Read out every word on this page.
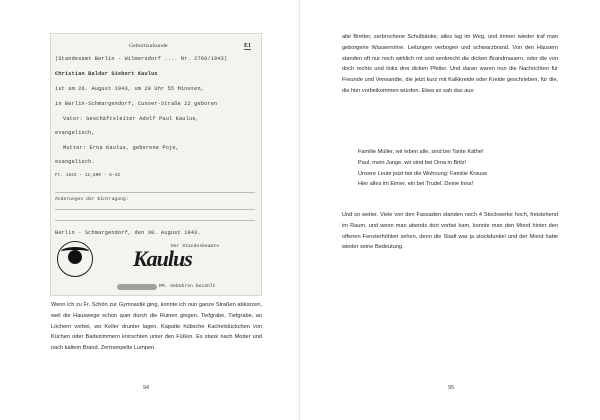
Geburtsurkunde	E1
(Standesamt Berlin - Wilmersdorf .... Nr. 2760/1943)
Christian Baldur Siebert Kaulus
ist am 26. August 1943, um 20 Uhr 55 Minuten,
in Berlin-Schmargendorf, Cunoer-Straße 22 geboren
Vater: Geschäftsleiter Adolf Paul Kaulus,
evangelisch,
Mutter: Erna Kaulus, geborene Poje,
evangelisch.
Ft. 1943 - 12,500 - 6-43
Änderungen der Eintragung:
Berlin - Schmargendorf, den 30. August 1943.
Der Standesbeamte
Kaulus
RM. Gebühren bezahlt
Wenn ich zu Fr. Schön zur Gymnastik ging, konnte ich nun ganze Straßen abkürzen, weil die Hauswege schon quer durch die Ruinen gingen. Tiefgrabe, Tiefgrabe, an Löchern vorbei, wo Keller drunter lagen. Kaputte hübsche Kachelstückchen von Küchen oder Badezimmern knirschten unter den Füßen. Es stank nach Moder und nach kaltem Brand. Zertrampelte Lumpen.
94
alte Bretter, zerbrochene Schulbänke, alles lag im Weg, und immer wieder traf man geborgene Wasserrohre. Leitungen verbogen und schwarzbrand. Von den Häusern standen oft nur noch wirklich rot und senkrecht die dicken Brandmauern, oder die von doch rechts und links drei dicken Pfeiler. Und daran waren nun die Nachrichten für Freunde und Verwandte, die jetzt kurz mit Kalkkreide oder Kreide geschrieben, für die, die hier vorbeikommen würden. Etwa so sah das aus:
Familie Müller, wir leben alle, sind bei Tante Käthe!
Paul, mein Junge, wir sind bei Oma in Britz!
Unsere Leute jetzt bei die Wohnung: Familie Krause
Hier alles im Eimer, ein bei Trudel. Deine Inna!
Und so weiter. Viele von den Fassaden standen noch 4 Stockwerke hoch, freistehend im Raum, und wenn man abends dort vorbei kam, konnte man den Mond hinter den offenen Fensterhöhlen sehen, denn die Stadt war ja stockdunkel und der Mond hatte wieder seine Bedeutung.
95
